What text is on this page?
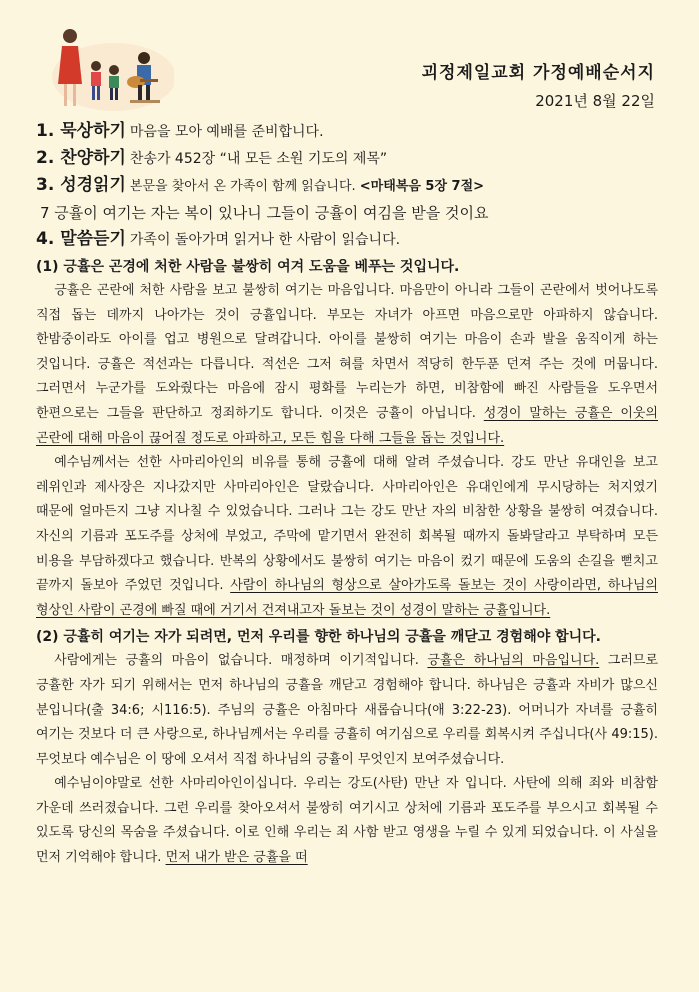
괴정제일교회 가정예배순서지
2021년 8월 22일

1. 묵상하기 마음을 모아 예배를 준비합니다.

2. 찬양하기 찬송가 452장 “내 모든 소원 기도의 제목”

3. 성경읽기 본문을 찾아서 온 가족이 함께 읽습니다. <마태복음 5장 7절>

7 긍휼이 여기는 자는 복이 있나니 그들이 긍휼이 여김을 받을 것이요

4. 말씀듣기 가족이 돌아가며 읽거나 한 사람이 읽습니다.

(1) 긍휼은 곤경에 처한 사람을 불쌍히 여겨 도움을 베푸는 것입니다.

긍휼은 곤란에 처한 사람을 보고 불쌍히 여기는 마음입니다. 마음만이 아니라 그들이 곤란에서 벗어나도록 직접 돕는 데까지 나아가는 것이 긍휼입니다. 부모는 자녀가 아프면 마음으로만 아파하지 않습니다. 한밤중이라도 아이를 업고 병원으로 달려갑니다. 아이를 불쌍히 여기는 마음이 손과 발을 움직이게 하는 것입니다. 긍휼은 적선과는 다릅니다. 적선은 그저 혀를 차면서 적당히 한두푼 던져 주는 것에 머뭅니다. 그러면서 누군가를 도와줬다는 마음에 잠시 평화를 누리는가 하면, 비참함에 빠진 사람들을 도우면서 한편으로는 그들을 판단하고 정죄하기도 합니다. 이것은 긍휼이 아닙니다. 성경이 말하는 긍휼은 이웃의 곤란에 대해 마음이 끊어질 정도로 아파하고, 모든 힘을 다해 그들을 돕는 것입니다.

예수님께서는 선한 사마리아인의 비유를 통해 긍휼에 대해 알려 주셨습니다. 강도 만난 유대인을 보고 레위인과 제사장은 지나갔지만 사마리아인은 달랐습니다. 사마리아인은 유대인에게 무시당하는 처지였기 때문에 얼마든지 그냥 지나칠 수 있었습니다. 그러나 그는 강도 만난 자의 비참한 상황을 불쌍히 여겼습니다. 자신의 기름과 포도주를 상처에 부었고, 주막에 맡기면서 완전히 회복될 때까지 돌봐달라고 부탁하며 모든 비용을 부담하겠다고 했습니다. 반복의 상황에서도 불쌍히 여기는 마음이 컸기 때문에 도움의 손길을 뻗치고 끝까지 돌보아 주었던 것입니다. 사람이 하나님의 형상으로 살아가도록 돌보는 것이 사랑이라면, 하나님의 형상인 사람이 곤경에 빠질 때에 거기서 건져내고자 돌보는 것이 성경이 말하는 긍휼입니다.

(2) 긍휼히 여기는 자가 되려면, 먼저 우리를 향한 하나님의 긍휼을 깨닫고 경험해야 합니다.

사람에게는 긍휼의 마음이 없습니다. 매정하며 이기적입니다. 긍휼은 하나님의 마음입니다. 그러므로 긍휼한 자가 되기 위해서는 먼저 하나님의 긍휼을 깨닫고 경험해야 합니다. 하나님은 긍휼과 자비가 많으신 분입니다(출 34:6; 시116:5). 주님의 긍휼은 아침마다 새롭습니다(애 3:22-23). 어머니가 자녀를 긍휼히 여기는 것보다 더 큰 사랑으로, 하나님께서는 우리를 긍휼히 여기심으로 우리를 회복시켜 주십니다(사 49:15). 무엇보다 예수님은 이 땅에 오셔서 직접 하나님의 긍휼이 무엇인지 보여주셨습니다.

예수님이야말로 선한 사마리아인이십니다. 우리는 강도(사탄) 만난 자 입니다. 사탄에 의해 죄와 비참함 가운데 쓰러졌습니다. 그런 우리를 찾아오셔서 불쌍히 여기시고 상처에 기름과 포도주를 부으시고 회복될 수 있도록 당신의 목숨을 주셨습니다. 이로 인해 우리는 죄 사함 받고 영생을 누릴 수 있게 되었습니다. 이 사실을 먼저 기억해야 합니다. 먼저 내가 받은 긍휼을 떠
